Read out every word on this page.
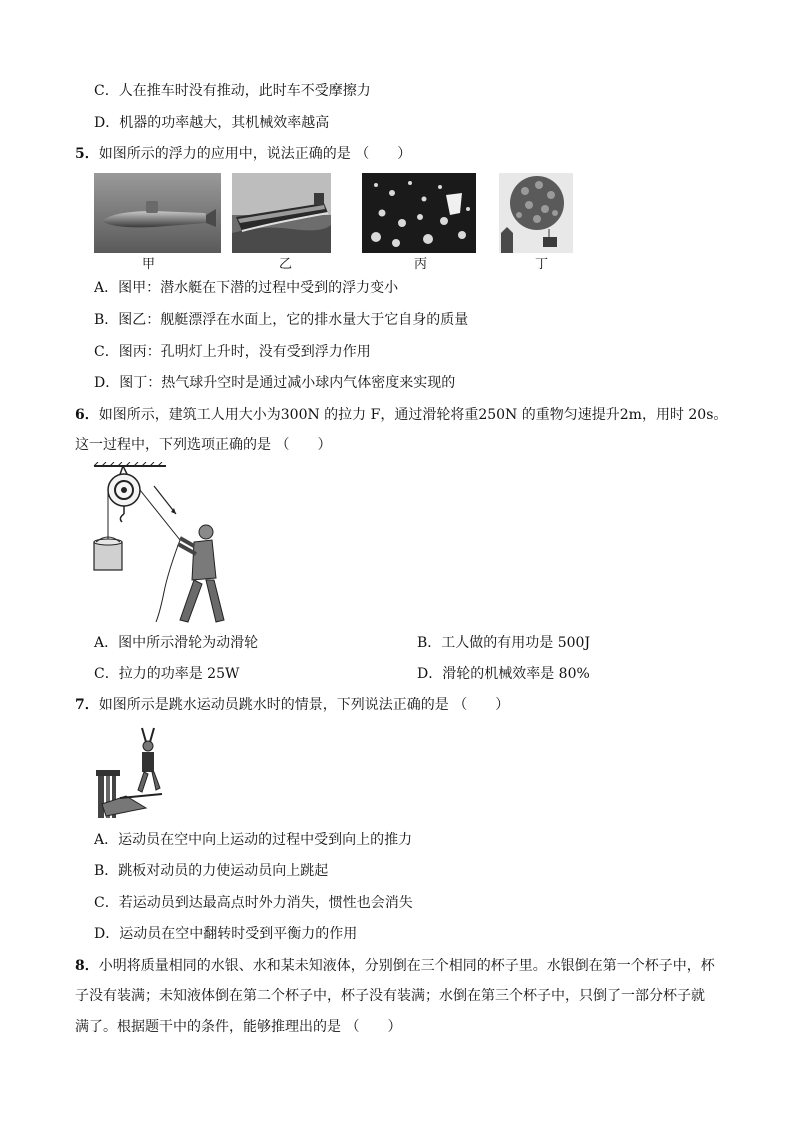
C．人在推车时没有推动，此时车不受摩擦力
D．机器的功率越大，其机械效率越高
5．如图所示的浮力的应用中，说法正确的是 （　　）
甲	乙	丙	丁
A．图甲：潜水艇在下潜的过程中受到的浮力变小
B．图乙：舰艇漂浮在水面上，它的排水量大于它自身的质量
C．图丙：孔明灯上升时，没有受到浮力作用
D．图丁：热气球升空时是通过减小球内气体密度来实现的
6．如图所示，建筑工人用大小为300N 的拉力 F，通过滑轮将重250N 的重物匀速提升2m，用时 20s。
这一过程中，下列选项正确的是 （　　）
A．图中所示滑轮为动滑轮	B．工人做的有用功是 500J
C．拉力的功率是 25W	D．滑轮的机械效率是 80%
7．如图所示是跳水运动员跳水时的情景，下列说法正确的是 （　　）
A．运动员在空中向上运动的过程中受到向上的推力
B．跳板对动员的力使运动员向上跳起
C．若运动员到达最高点时外力消失，惯性也会消失
D．运动员在空中翻转时受到平衡力的作用
8．小明将质量相同的水银、水和某未知液体，分别倒在三个相同的杯子里。水银倒在第一个杯子中，杯
子没有装满；未知液体倒在第二个杯子中，杯子没有装满；水倒在第三个杯子中，只倒了一部分杯子就
满了。根据题干中的条件，能够推理出的是 （　　）
